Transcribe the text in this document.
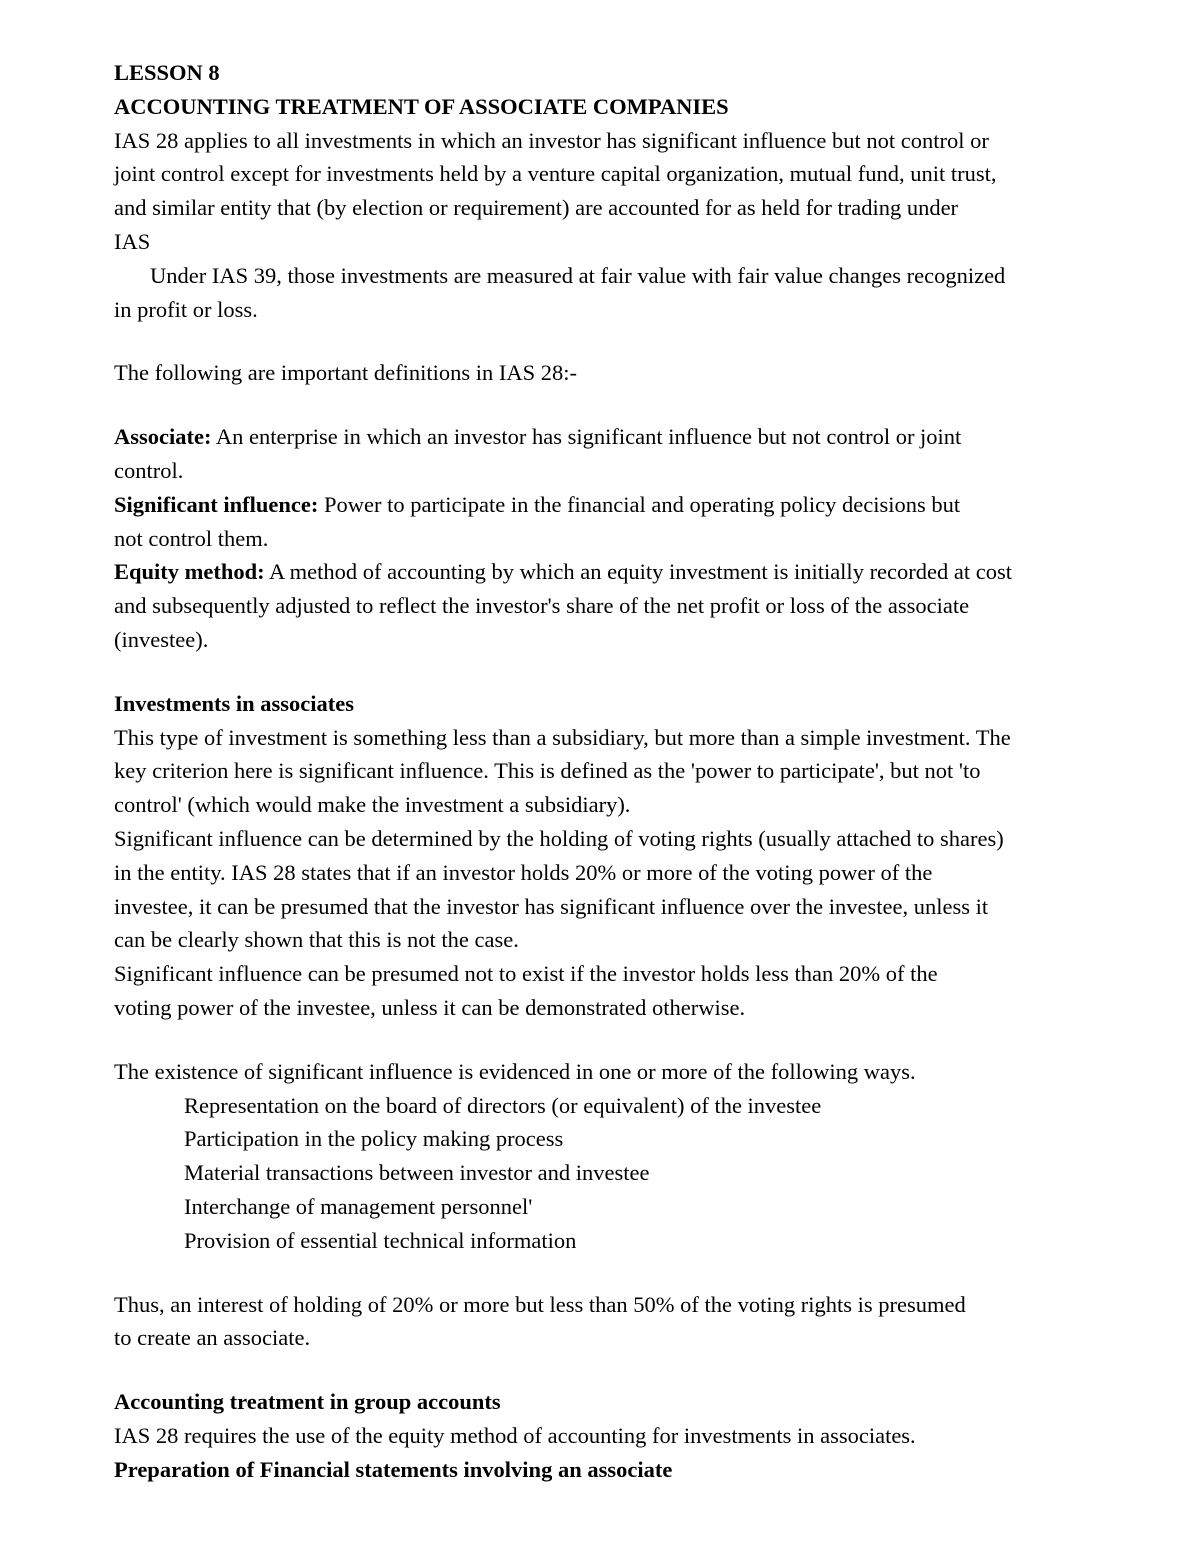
LESSON 8
ACCOUNTING TREATMENT OF ASSOCIATE COMPANIES
IAS 28 applies to all investments in which an investor has significant influence but not control or
joint control except for investments held by a venture capital organization, mutual fund, unit trust,
and similar entity that (by election or requirement) are accounted for as held for trading under
IAS
Under IAS 39, those investments are measured at fair value with fair value changes recognized
in profit or loss.
The following are important definitions in IAS 28:-
Associate: An enterprise in which an investor has significant influence but not control or joint
control.
Significant influence: Power to participate in the financial and operating policy decisions but
not control them.
Equity method: A method of accounting by which an equity investment is initially recorded at cost
and subsequently adjusted to reflect the investor's share of the net profit or loss of the associate
(investee).
Investments in associates
This type of investment is something less than a subsidiary, but more than a simple investment. The
key criterion here is significant influence. This is defined as the 'power to participate', but not 'to
control' (which would make the investment a subsidiary).
Significant influence can be determined by the holding of voting rights (usually attached to shares)
in the entity. IAS 28 states that if an investor holds 20% or more of the voting power of the
investee, it can be presumed that the investor has significant influence over the investee, unless it
can be clearly shown that this is not the case.
Significant influence can be presumed not to exist if the investor holds less than 20% of the
voting power of the investee, unless it can be demonstrated otherwise.
The existence of significant influence is evidenced in one or more of the following ways.
Representation on the board of directors (or equivalent) of the investee
Participation in the policy making process
Material transactions between investor and investee
Interchange of management personnel'
Provision of essential technical information
Thus, an interest of holding of 20% or more but less than 50% of the voting rights is presumed
to create an associate.
Accounting treatment in group accounts
IAS 28 requires the use of the equity method of accounting for investments in associates.
Preparation of Financial statements involving an associate
